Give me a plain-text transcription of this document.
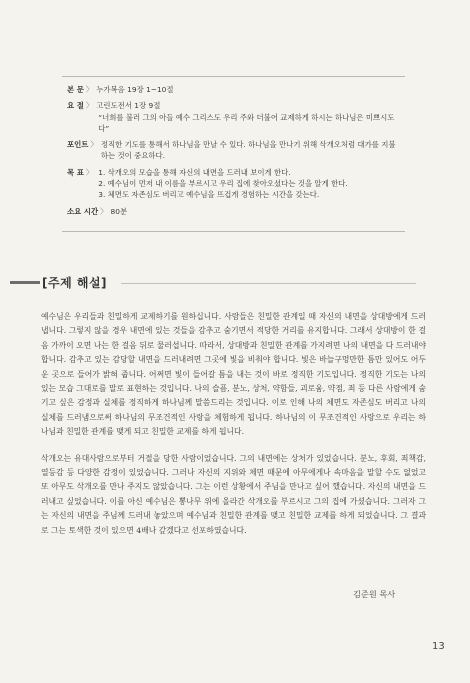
본 문 〉 누가복음 19장 1~10절
요 절 〉 고린도전서 1장 9절
“너희를 불러 그의 아들 예수 그리스도 우리 주와 더불어 교제하게 하시는 하나님은 미쁘시도다”
포인트 〉 정직한 기도를 통해서 하나님을 만날 수 있다. 하나님을 만나기 위해 삭개오처럼 대가를 지불하는 것이 중요하다.
목 표 〉 1. 삭개오의 모습을 통해 자신의 내면을 드러내 보이게 한다.
2. 예수님이 먼저 내 이름을 부르시고 우리 집에 찾아오셨다는 것을 알게 한다.
3. 체면도 자존심도 버리고 예수님을 뜨겁게 경험하는 시간을 갖는다.
소요 시간 〉 80분
[주제 해설]

예수님은 우리들과 친밀하게 교제하기를 원하십니다. 사람들은 친밀한 관계일 때 자신의 내면을 상대방에게 드러냅니다. 그렇지 않을 경우 내면에 있는 것들을 감추고 숨기면서 적당한 거리를 유지합니다. 그래서 상대방이 한 걸음 가까이 오면 나는 한 걸음 뒤로 물러섭니다. 따라서, 상대방과 친밀한 관계를 가지려면 나의 내면을 다 드러내야 합니다. 감추고 있는 감당할 내면을 드러내려면 그곳에 빛을 비춰야 합니다. 빛은 바늘구멍만한 틈만 있어도 어두운 곳으로 들어가 밝혀 줍니다. 어쩌면 빛이 들어갈 틈을 내는 것이 바로 정직한 기도입니다. 정직한 기도는 나의 있는 모습 그대로를 말로 표현하는 것입니다. 나의 슬픔, 분노, 상처, 약함들, 괴로움, 약점, 죄 등 다른 사람에게 숨기고 싶은 감정과 실체를 정직하게 하나님께 말씀드리는 것입니다. 이로 인해 나의 체면도 자존심도 버리고 나의 실체를 드러냄으로써 하나님의 무조건적인 사랑을 체험하게 됩니다. 하나님의 이 무조건적인 사랑으로 우리는 하나님과 친밀한 관계를 맺게 되고 친밀한 교제를 하게 됩니다.

삭개오는 유대사람으로부터 거절을 당한 사람이었습니다. 그의 내면에는 상처가 있었습니다. 분노, 후회, 죄책감, 열등감 등 다양한 감정이 있었습니다. 그러나 자신의 지위와 체면 때문에 아무에게나 속마음을 말할 수도 없었고 또 아무도 삭개오를 만나 주지도 않았습니다. 그는 이런 상황에서 주님을 만나고 싶어 했습니다. 자신의 내면을 드러내고 싶었습니다. 이를 아신 예수님은 뽕나무 위에 올라간 삭개오를 부르시고 그의 집에 가셨습니다. 그러자 그는 자신의 내면을 주님께 드러내 놓았으며 예수님과 친밀한 관계를 맺고 친밀한 교제를 하게 되었습니다. 그 결과로 그는 토색한 것이 있으면 4배나 갚겠다고 선포하였습니다.

김준원 목사
13
